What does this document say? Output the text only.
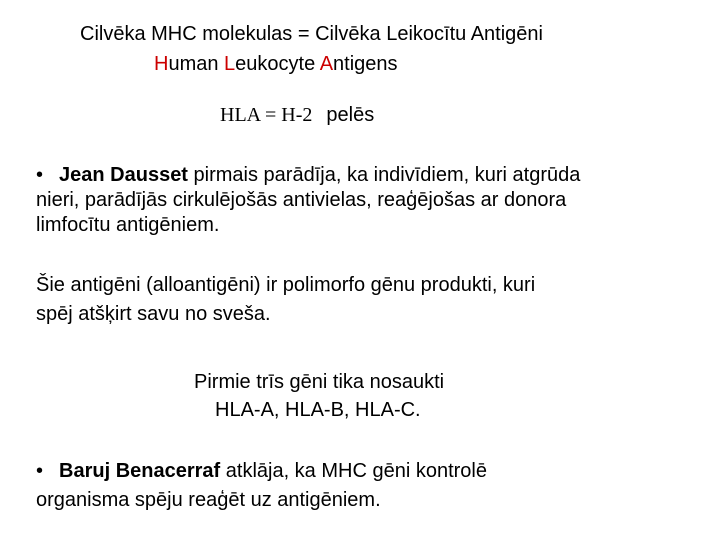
Cilvēka MHC molekulas = Cilvēka Leikocītu Antigēni
Human Leukocyte Antigens
HLA = H-2 pelēs
• Jean Dausset pirmais parādīja, ka indivīdiem, kuri atgrūda
nieri, parādījās cirkulējošās antivielas, reaģējošas ar donora
limfocītu antigēniem.
Šie antigēni (alloantigēni) ir polimorfo gēnu produkti, kuri
spēj atšķirt savu no sveša.
Pirmie trīs gēni tika nosaukti
HLA-A, HLA-B, HLA-C.
• Baruj Benacerraf atklāja, ka MHC gēni kontrolē
organisma spēju reaģēt uz antigēniem.
